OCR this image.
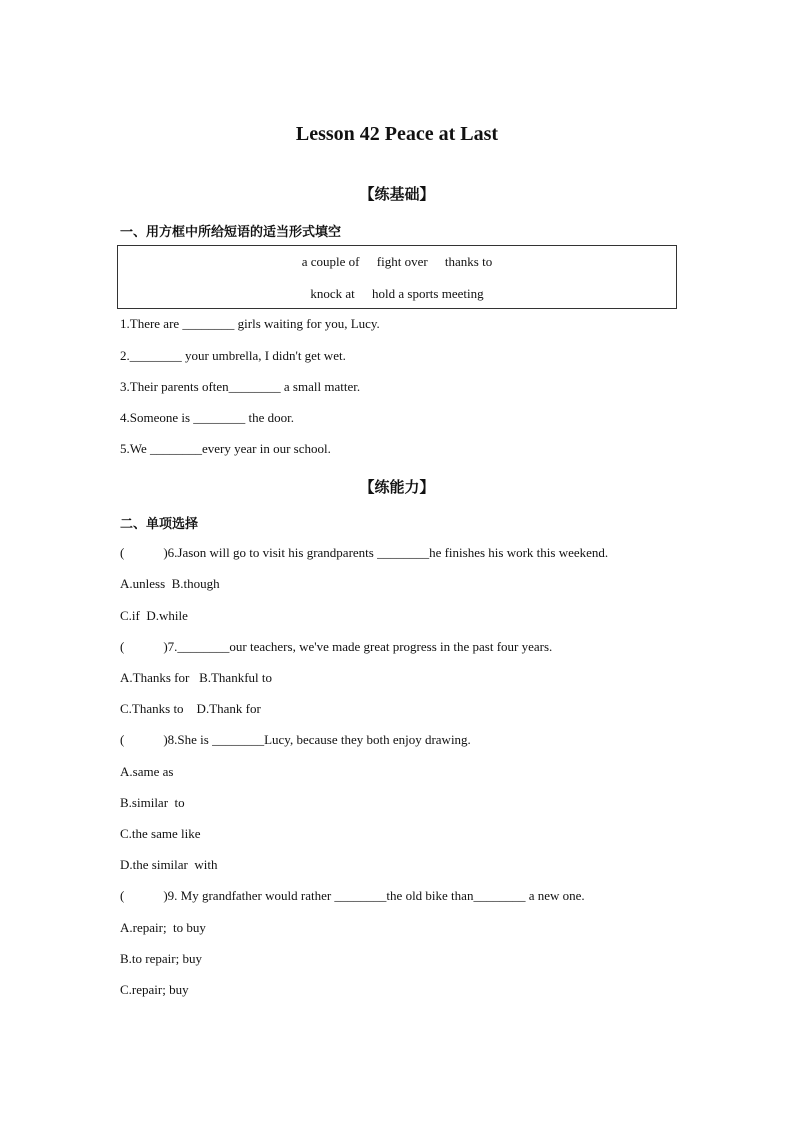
Lesson 42 Peace at Last
【练基础】
一、用方框中所给短语的适当形式填空
a couple of fight over thanks to
knock at hold a sports meeting
1.There are ________ girls waiting for you, Lucy.
2.________ your umbrella, I didn't get wet.
3.Their parents often________ a small matter.
4.Someone is ________ the door.
5.We ________every year in our school.
【练能力】
二、单项选择
(            )6.Jason will go to visit his grandparents ________he finishes his work this weekend.
A.unless  B.though
C.if  D.while
(            )7.________our teachers, we've made great progress in the past four years.
A.Thanks for   B.Thankful to
C.Thanks to    D.Thank for
(            )8.She is ________Lucy, because they both enjoy drawing.
A.same as
B.similar  to
C.the same like
D.the similar  with
(            )9. My grandfather would rather ________the old bike than________ a new one.
A.repair;  to buy
B.to repair; buy
C.repair; buy
